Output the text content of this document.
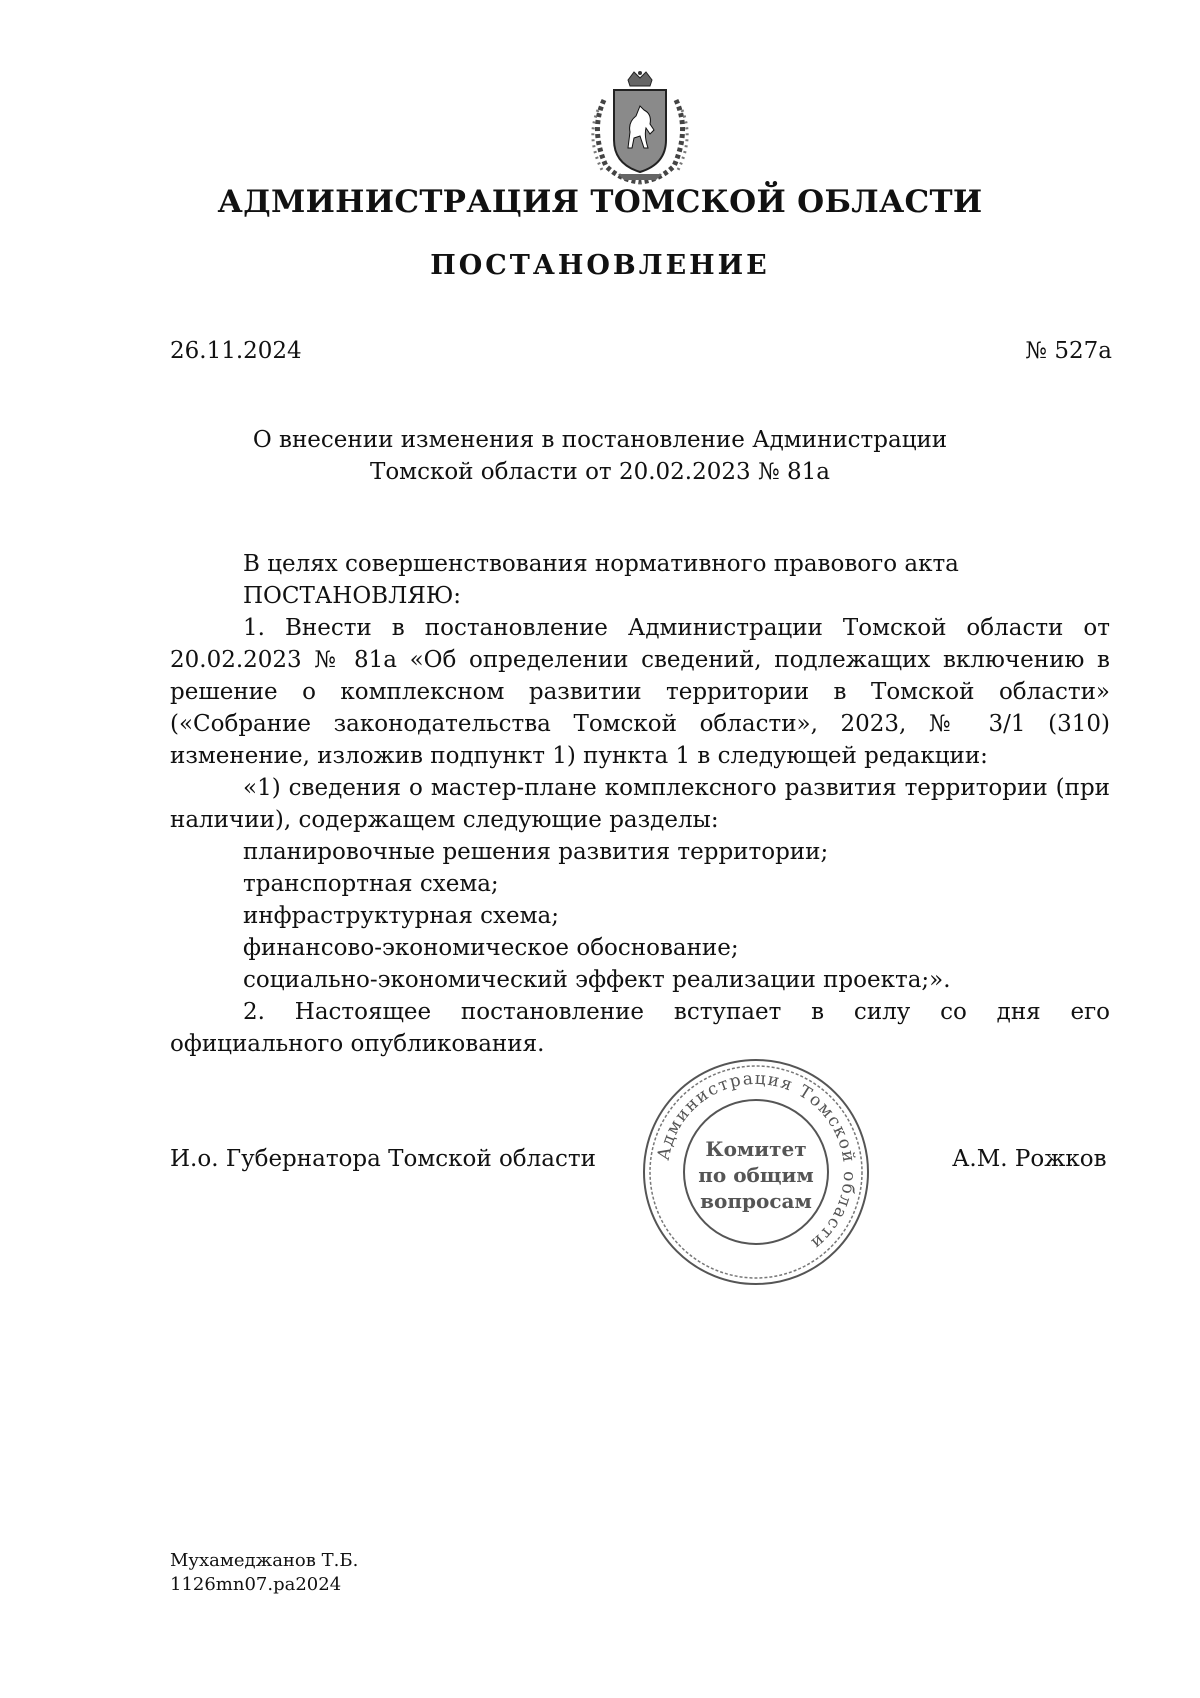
АДМИНИСТРАЦИЯ ТОМСКОЙ ОБЛАСТИ
ПОСТАНОВЛЕНИЕ
26.11.2024	№ 527а
О внесении изменения в постановление Администрации
Томской области от 20.02.2023 № 81а

В целях совершенствования нормативного правового акта

ПОСТАНОВЛЯЮ:

1. Внести в постановление Администрации Томской области от 20.02.2023 № 81а «Об определении сведений, подлежащих включению в решение о комплексном развитии территории в Томской области» («Собрание законодательства Томской области», 2023, № 3/1 (310) изменение, изложив подпункт 1) пункта 1 в следующей редакции:

«1) сведения о мастер-плане комплексного развития территории (при наличии), содержащем следующие разделы:

планировочные решения развития территории;

транспортная схема;

инфраструктурная схема;

финансово-экономическое обоснование;

социально-экономический эффект реализации проекта;».

2. Настоящее постановление вступает в силу со дня его официального опубликования.

Администрация Томской области
Комитет
по общим
вопросам
И.о. Губернатора Томской области	А.М. Рожков
Мухамеджанов Т.Б.
1126mn07.pa2024
